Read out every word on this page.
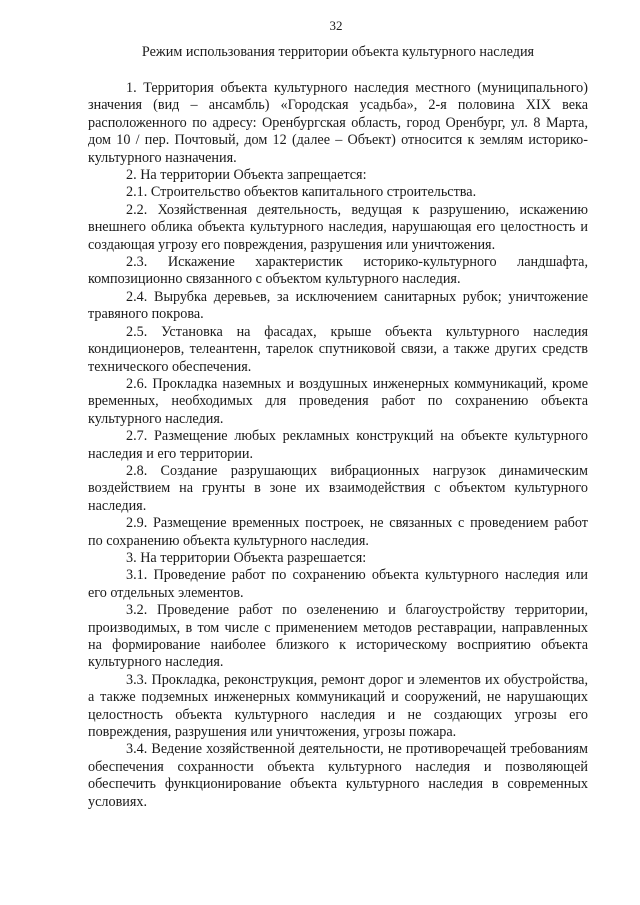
32
Режим использования территории объекта культурного наследия

1. Территория объекта культурного наследия местного (муниципального) значения (вид – ансамбль) «Городская усадьба», 2-я половина XIX века расположенного по адресу: Оренбургская область, город Оренбург, ул. 8 Марта, дом 10 / пер. Почтовый, дом 12 (далее – Объект) относится к землям историко-культурного назначения.

2. На территории Объекта запрещается:

2.1. Строительство объектов капитального строительства.

2.2. Хозяйственная деятельность, ведущая к разрушению, искажению внешнего облика объекта культурного наследия, нарушающая его целостность и создающая угрозу его повреждения, разрушения или уничтожения.

2.3. Искажение характеристик историко-культурного ландшафта, композиционно связанного с объектом культурного наследия.

2.4. Вырубка деревьев, за исключением санитарных рубок; уничтожение травяного покрова.

2.5. Установка на фасадах, крыше объекта культурного наследия кондиционеров, телеантенн, тарелок спутниковой связи, а также других средств технического обеспечения.

2.6. Прокладка наземных и воздушных инженерных коммуникаций, кроме временных, необходимых для проведения работ по сохранению объекта культурного наследия.

2.7. Размещение любых рекламных конструкций на объекте культурного наследия и его территории.

2.8. Создание разрушающих вибрационных нагрузок динамическим воздействием на грунты в зоне их взаимодействия с объектом культурного наследия.

2.9. Размещение временных построек, не связанных с проведением работ по сохранению объекта культурного наследия.

3. На территории Объекта разрешается:

3.1. Проведение работ по сохранению объекта культурного наследия или его отдельных элементов.

3.2. Проведение работ по озеленению и благоустройству территории, производимых, в том числе с применением методов реставрации, направленных на формирование наиболее близкого к историческому восприятию объекта культурного наследия.

3.3. Прокладка, реконструкция, ремонт дорог и элементов их обустройства, а также подземных инженерных коммуникаций и сооружений, не нарушающих целостность объекта культурного наследия и не создающих угрозы его повреждения, разрушения или уничтожения, угрозы пожара.

3.4. Ведение хозяйственной деятельности, не противоречащей требованиям обеспечения сохранности объекта культурного наследия и позволяющей обеспечить функционирование объекта культурного наследия в современных условиях.
